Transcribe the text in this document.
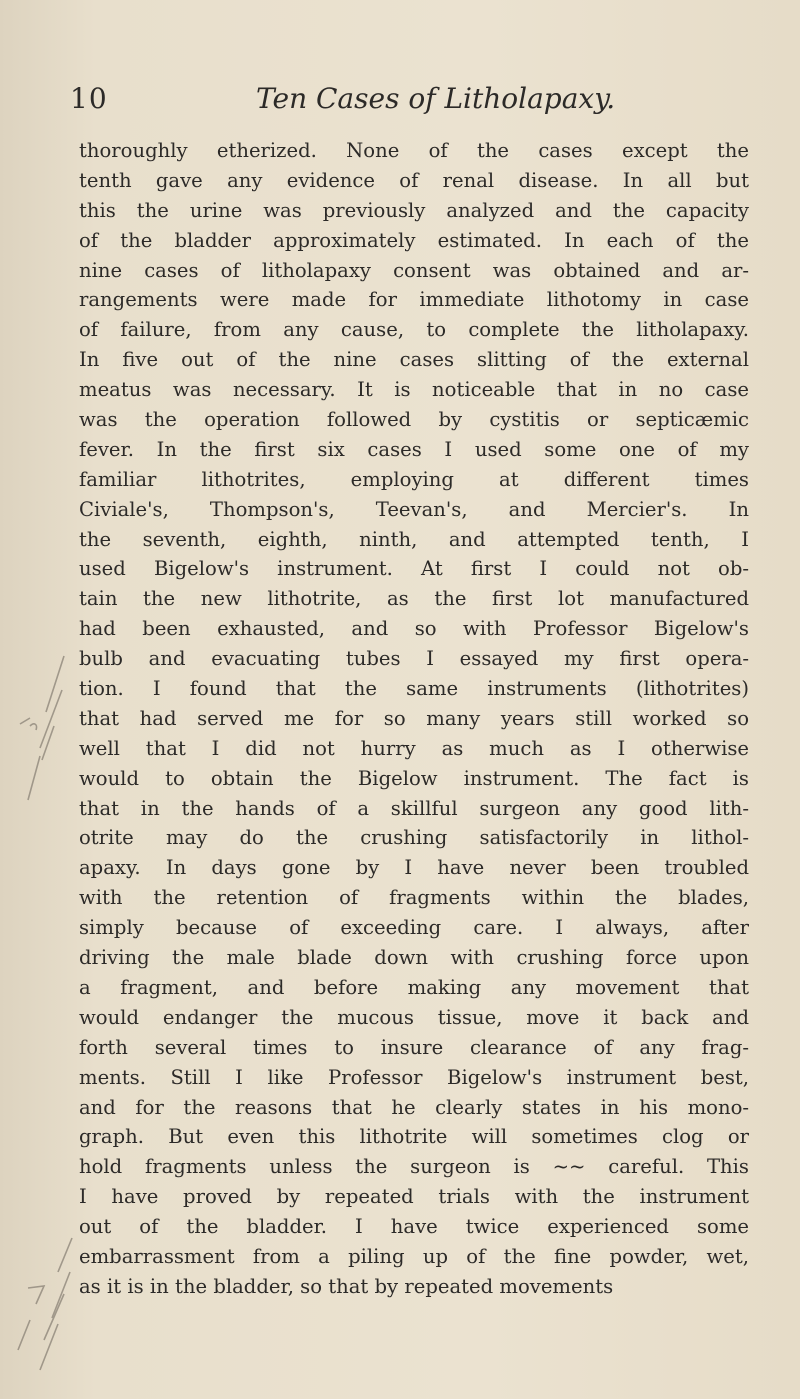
10	Ten Cases of Litholapaxy.
thoroughly etherized. None of the cases except the
tenth gave any evidence of renal disease. In all but
this the urine was previously analyzed and the capacity
of the bladder approximately estimated. In each of the
nine cases of litholapaxy consent was obtained and ar-
rangements were made for immediate lithotomy in case
of failure, from any cause, to complete the litholapaxy.
In five out of the nine cases slitting of the external
meatus was necessary. It is noticeable that in no case
was the operation followed by cystitis or septicæmic
fever. In the first six cases I used some one of my
familiar lithotrites, employing at different times
Civiale's, Thompson's, Teevan's, and Mercier's. In
the seventh, eighth, ninth, and attempted tenth, I
used Bigelow's instrument. At first I could not ob-
tain the new lithotrite, as the first lot manufactured
had been exhausted, and so with Professor Bigelow's
bulb and evacuating tubes I essayed my first opera-
tion. I found that the same instruments (lithotrites)
that had served me for so many years still worked so
well that I did not hurry as much as I otherwise
would to obtain the Bigelow instrument. The fact is
that in the hands of a skillful surgeon any good lith-
otrite may do the crushing satisfactorily in lithol-
apaxy. In days gone by I have never been troubled
with the retention of fragments within the blades,
simply because of exceeding care. I always, after
driving the male blade down with crushing force upon
a fragment, and before making any movement that
would endanger the mucous tissue, move it back and
forth several times to insure clearance of any frag-
ments. Still I like Professor Bigelow's instrument best,
and for the reasons that he clearly states in his mono-
graph. But even this lithotrite will sometimes clog or
hold fragments unless the surgeon is ~~ careful. This
I have proved by repeated trials with the instrument
out of the bladder. I have twice experienced some
embarrassment from a piling up of the fine powder, wet,
as it is in the bladder, so that by repeated movements
